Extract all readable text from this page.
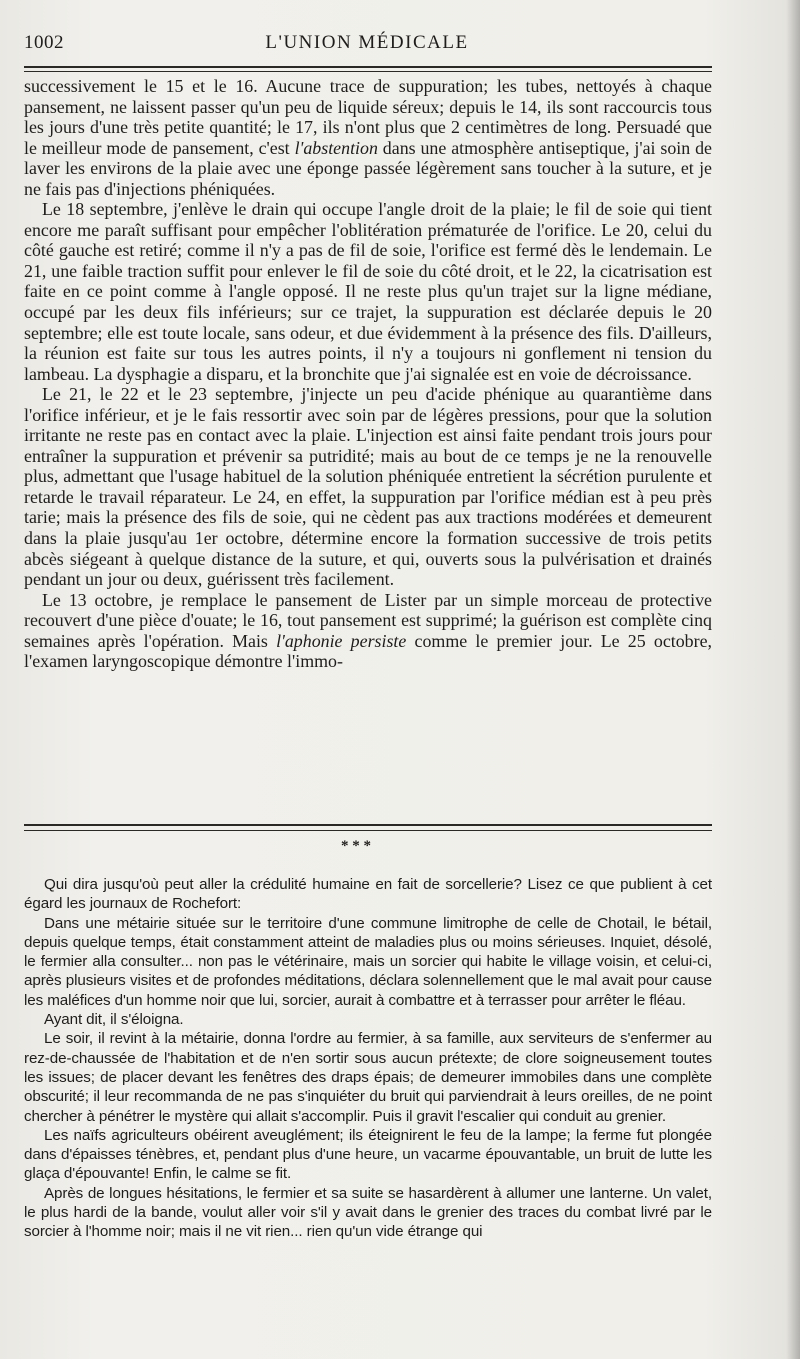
1002	L'UNION MÉDICALE

successivement le 15 et le 16. Aucune trace de suppuration; les tubes, nettoyés à chaque pansement, ne laissent passer qu'un peu de liquide séreux; depuis le 14, ils sont raccourcis tous les jours d'une très petite quantité; le 17, ils n'ont plus que 2 centimètres de long. Persuadé que le meilleur mode de pansement, c'est l'abstention dans une atmosphère antiseptique, j'ai soin de laver les environs de la plaie avec une éponge passée légèrement sans toucher à la suture, et je ne fais pas d'injections phéniquées.

Le 18 septembre, j'enlève le drain qui occupe l'angle droit de la plaie; le fil de soie qui tient encore me paraît suffisant pour empêcher l'oblitération prématurée de l'orifice. Le 20, celui du côté gauche est retiré; comme il n'y a pas de fil de soie, l'orifice est fermé dès le lendemain. Le 21, une faible traction suffit pour enlever le fil de soie du côté droit, et le 22, la cicatrisation est faite en ce point comme à l'angle opposé. Il ne reste plus qu'un trajet sur la ligne médiane, occupé par les deux fils inférieurs; sur ce trajet, la suppuration est déclarée depuis le 20 septembre; elle est toute locale, sans odeur, et due évidemment à la présence des fils. D'ailleurs, la réunion est faite sur tous les autres points, il n'y a toujours ni gonflement ni tension du lambeau. La dysphagie a disparu, et la bronchite que j'ai signalée est en voie de décroissance.

Le 21, le 22 et le 23 septembre, j'injecte un peu d'acide phénique au quarantième dans l'orifice inférieur, et je le fais ressortir avec soin par de légères pressions, pour que la solution irritante ne reste pas en contact avec la plaie. L'injection est ainsi faite pendant trois jours pour entraîner la suppuration et prévenir sa putridité; mais au bout de ce temps je ne la renouvelle plus, admettant que l'usage habituel de la solution phéniquée entretient la sécrétion purulente et retarde le travail réparateur. Le 24, en effet, la suppuration par l'orifice médian est à peu près tarie; mais la présence des fils de soie, qui ne cèdent pas aux tractions modérées et demeurent dans la plaie jusqu'au 1er octobre, détermine encore la formation successive de trois petits abcès siégeant à quelque distance de la suture, et qui, ouverts sous la pulvérisation et drainés pendant un jour ou deux, guérissent très facilement.

Le 13 octobre, je remplace le pansement de Lister par un simple morceau de protective recouvert d'une pièce d'ouate; le 16, tout pansement est supprimé; la guérison est complète cinq semaines après l'opération. Mais l'aphonie persiste comme le premier jour. Le 25 octobre, l'examen laryngoscopique démontre l'immo-

* * *

Qui dira jusqu'où peut aller la crédulité humaine en fait de sorcellerie? Lisez ce que publient à cet égard les journaux de Rochefort:

Dans une métairie située sur le territoire d'une commune limitrophe de celle de Chotail, le bétail, depuis quelque temps, était constamment atteint de maladies plus ou moins sérieuses. Inquiet, désolé, le fermier alla consulter... non pas le vétérinaire, mais un sorcier qui habite le village voisin, et celui-ci, après plusieurs visites et de profondes méditations, déclara solennellement que le mal avait pour cause les maléfices d'un homme noir que lui, sorcier, aurait à combattre et à terrasser pour arrêter le fléau.

Ayant dit, il s'éloigna.

Le soir, il revint à la métairie, donna l'ordre au fermier, à sa famille, aux serviteurs de s'enfermer au rez-de-chaussée de l'habitation et de n'en sortir sous aucun prétexte; de clore soigneusement toutes les issues; de placer devant les fenêtres des draps épais; de demeurer immobiles dans une complète obscurité; il leur recommanda de ne pas s'inquiéter du bruit qui parviendrait à leurs oreilles, de ne point chercher à pénétrer le mystère qui allait s'accomplir. Puis il gravit l'escalier qui conduit au grenier.

Les naïfs agriculteurs obéirent aveuglément; ils éteignirent le feu de la lampe; la ferme fut plongée dans d'épaisses ténèbres, et, pendant plus d'une heure, un vacarme épouvantable, un bruit de lutte les glaça d'épouvante! Enfin, le calme se fit.

Après de longues hésitations, le fermier et sa suite se hasardèrent à allumer une lanterne. Un valet, le plus hardi de la bande, voulut aller voir s'il y avait dans le grenier des traces du combat livré par le sorcier à l'homme noir; mais il ne vit rien... rien qu'un vide étrange qui
